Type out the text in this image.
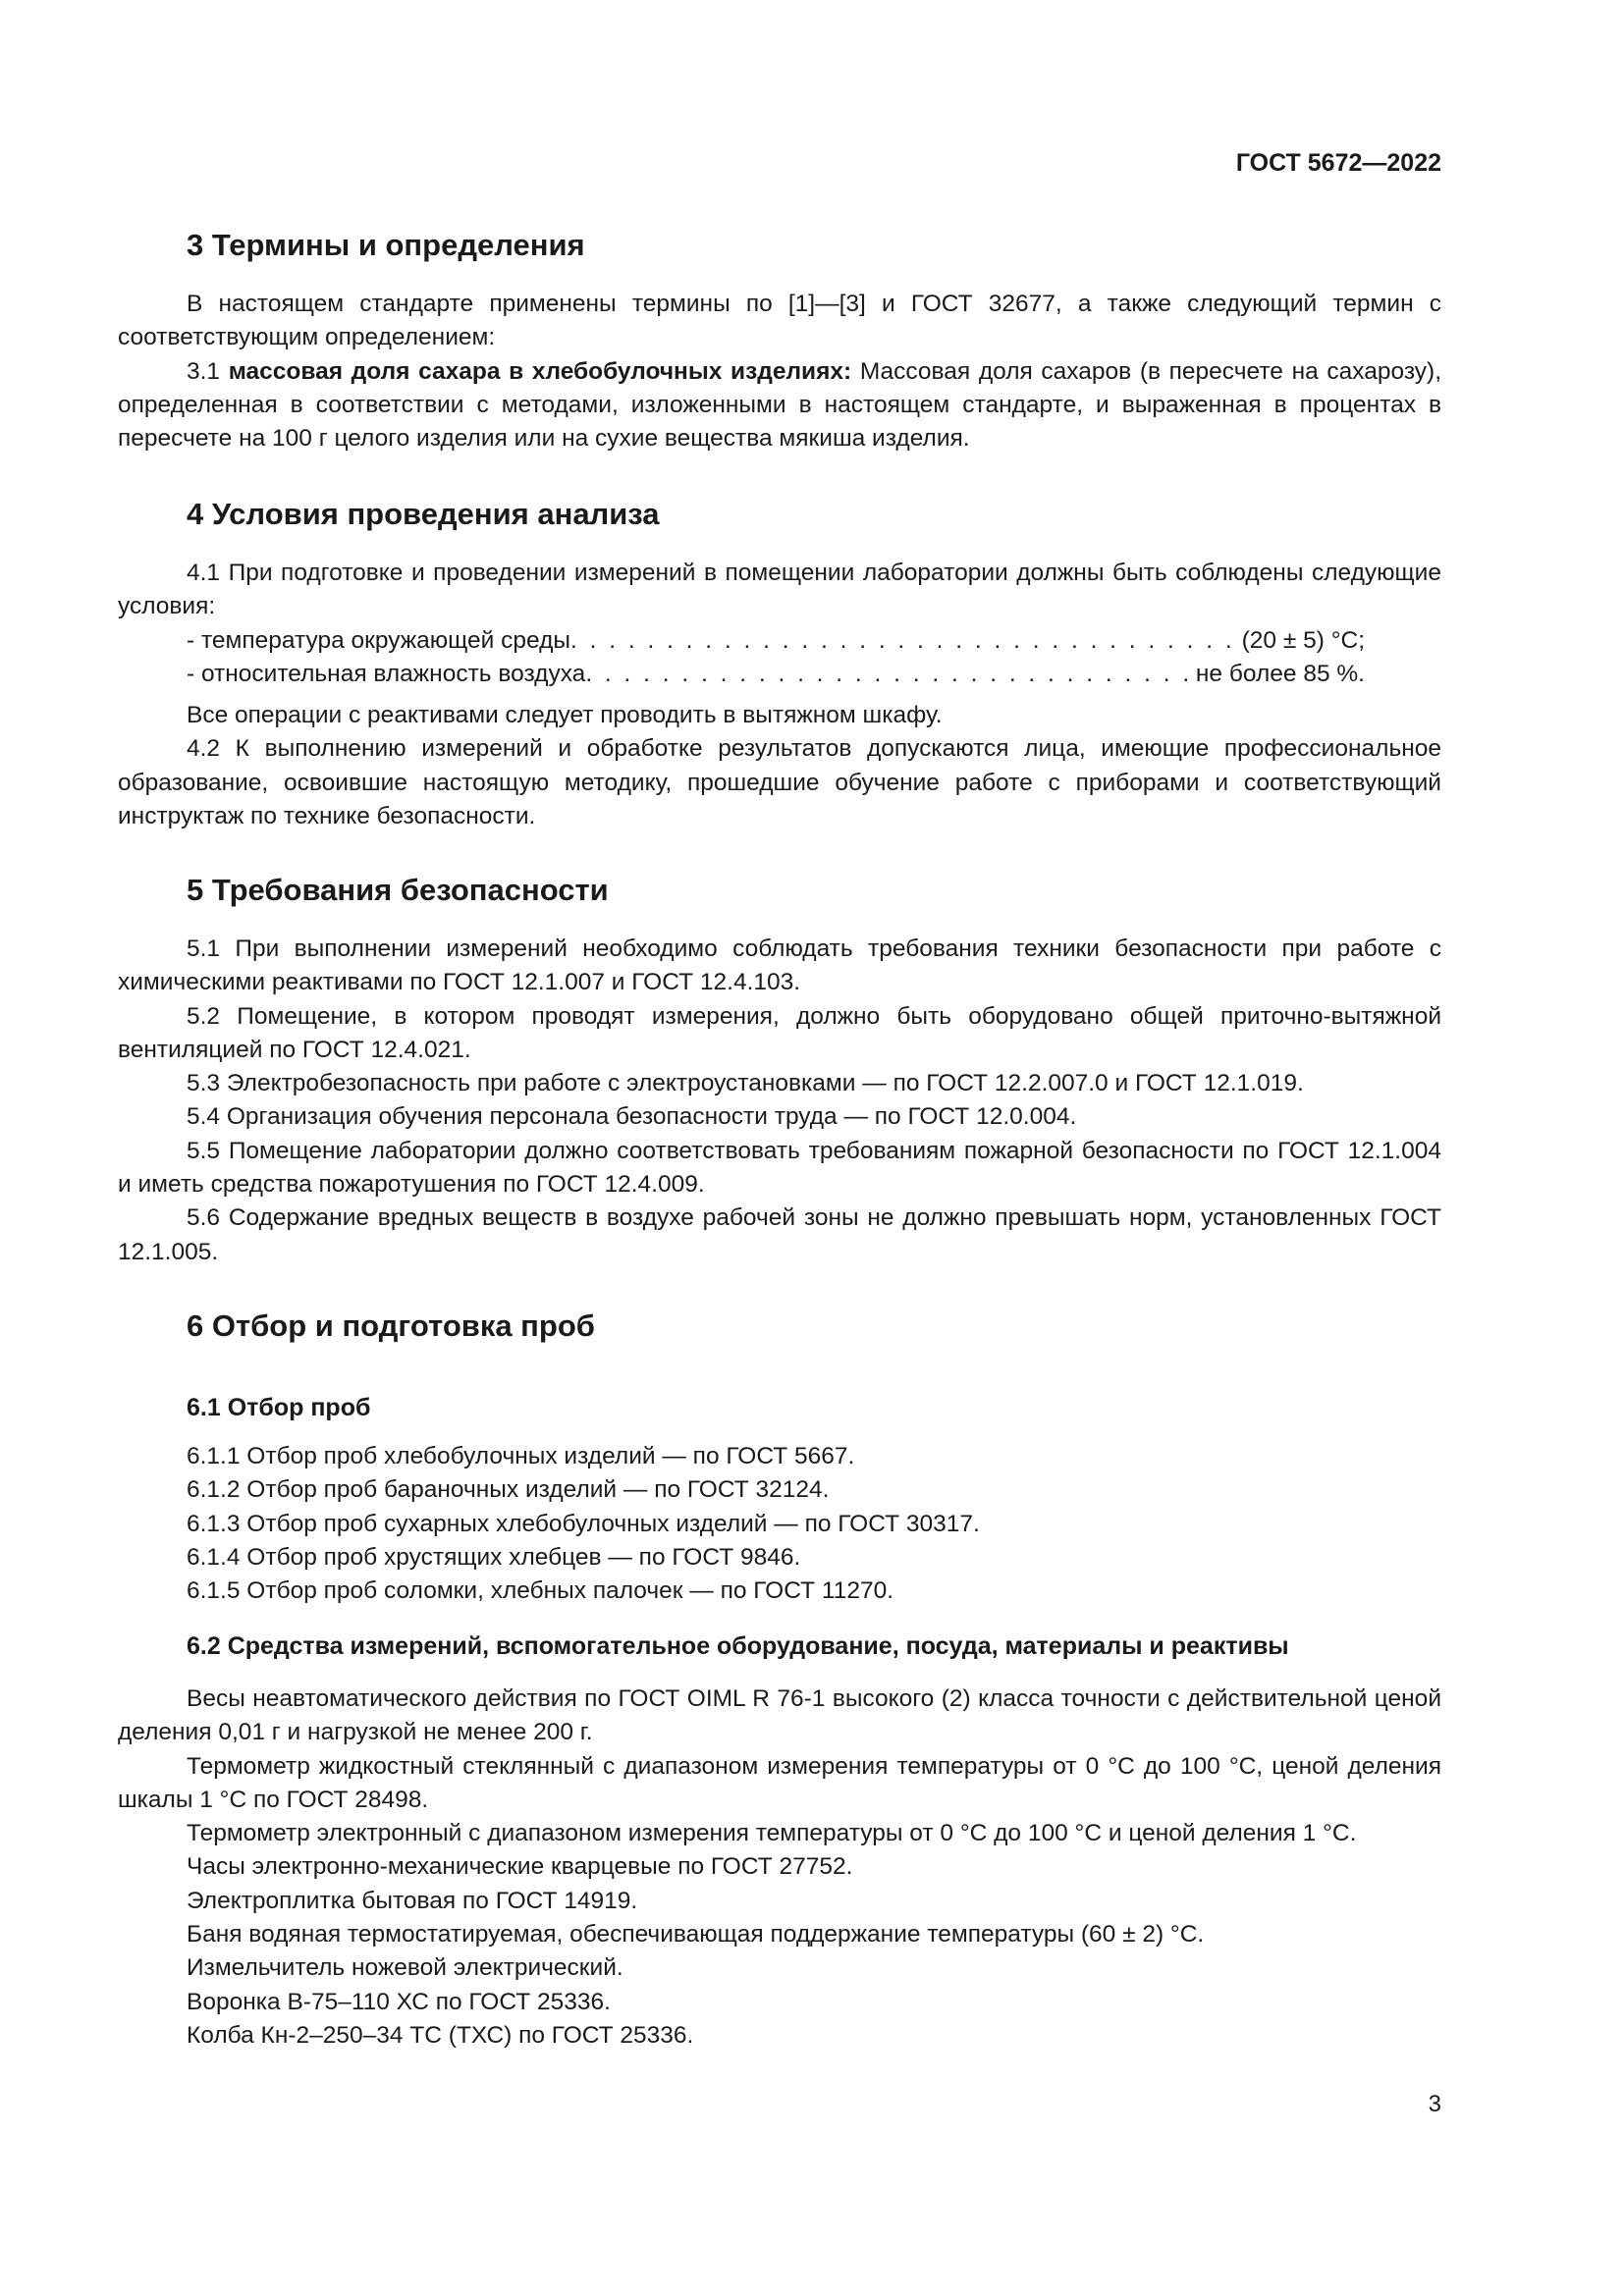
ГОСТ 5672—2022
3 Термины и определения

В настоящем стандарте применены термины по [1]—[3] и ГОСТ 32677, а также следующий термин с соответствующим определением:

3.1 массовая доля сахара в хлебобулочных изделиях: Массовая доля сахаров (в пересчете на сахарозу), определенная в соответствии с методами, изложенными в настоящем стандарте, и выраженная в процентах в пересчете на 100 г целого изделия или на сухие вещества мякиша изделия.

4 Условия проведения анализа

4.1 При подготовке и проведении измерений в помещении лаборатории должны быть соблюдены следующие условия:

- температура окружающей среды . . .	(20 ± 5) °С;
- относительная влажность воздуха . . .	не более 85 %.

Все операции с реактивами следует проводить в вытяжном шкафу.

4.2 К выполнению измерений и обработке результатов допускаются лица, имеющие профессиональное образование, освоившие настоящую методику, прошедшие обучение работе с приборами и соответствующий инструктаж по технике безопасности.

5 Требования безопасности

5.1 При выполнении измерений необходимо соблюдать требования техники безопасности при работе с химическими реактивами по ГОСТ 12.1.007 и ГОСТ 12.4.103.

5.2 Помещение, в котором проводят измерения, должно быть оборудовано общей приточно-вытяжной вентиляцией по ГОСТ 12.4.021.

5.3 Электробезопасность при работе с электроустановками — по ГОСТ 12.2.007.0 и ГОСТ 12.1.019.

5.4 Организация обучения персонала безопасности труда — по ГОСТ 12.0.004.

5.5 Помещение лаборатории должно соответствовать требованиям пожарной безопасности по ГОСТ 12.1.004 и иметь средства пожаротушения по ГОСТ 12.4.009.

5.6 Содержание вредных веществ в воздухе рабочей зоны не должно превышать норм, установленных ГОСТ 12.1.005.

6 Отбор и подготовка проб
6.1 Отбор проб

6.1.1 Отбор проб хлебобулочных изделий — по ГОСТ 5667.

6.1.2 Отбор проб бараночных изделий — по ГОСТ 32124.

6.1.3 Отбор проб сухарных хлебобулочных изделий — по ГОСТ 30317.

6.1.4 Отбор проб хрустящих хлебцев — по ГОСТ 9846.

6.1.5 Отбор проб соломки, хлебных палочек — по ГОСТ 11270.

6.2 Средства измерений, вспомогательное оборудование, посуда, материалы и реактивы

Весы неавтоматического действия по ГОСТ OIML R 76-1 высокого (2) класса точности с действительной ценой деления 0,01 г и нагрузкой не менее 200 г.

Термометр жидкостный стеклянный с диапазоном измерения температуры от 0 °С до 100 °С, ценой деления шкалы 1 °С по ГОСТ 28498.

Термометр электронный с диапазоном измерения температуры от 0 °С до 100 °С и ценой деления 1 °С.

Часы электронно-механические кварцевые по ГОСТ 27752.

Электроплитка бытовая по ГОСТ 14919.

Баня водяная термостатируемая, обеспечивающая поддержание температуры (60 ± 2) °С.

Измельчитель ножевой электрический.

Воронка В-75–110 ХС по ГОСТ 25336.

Колба Кн-2–250–34 ТС (ТХС) по ГОСТ 25336.

3
